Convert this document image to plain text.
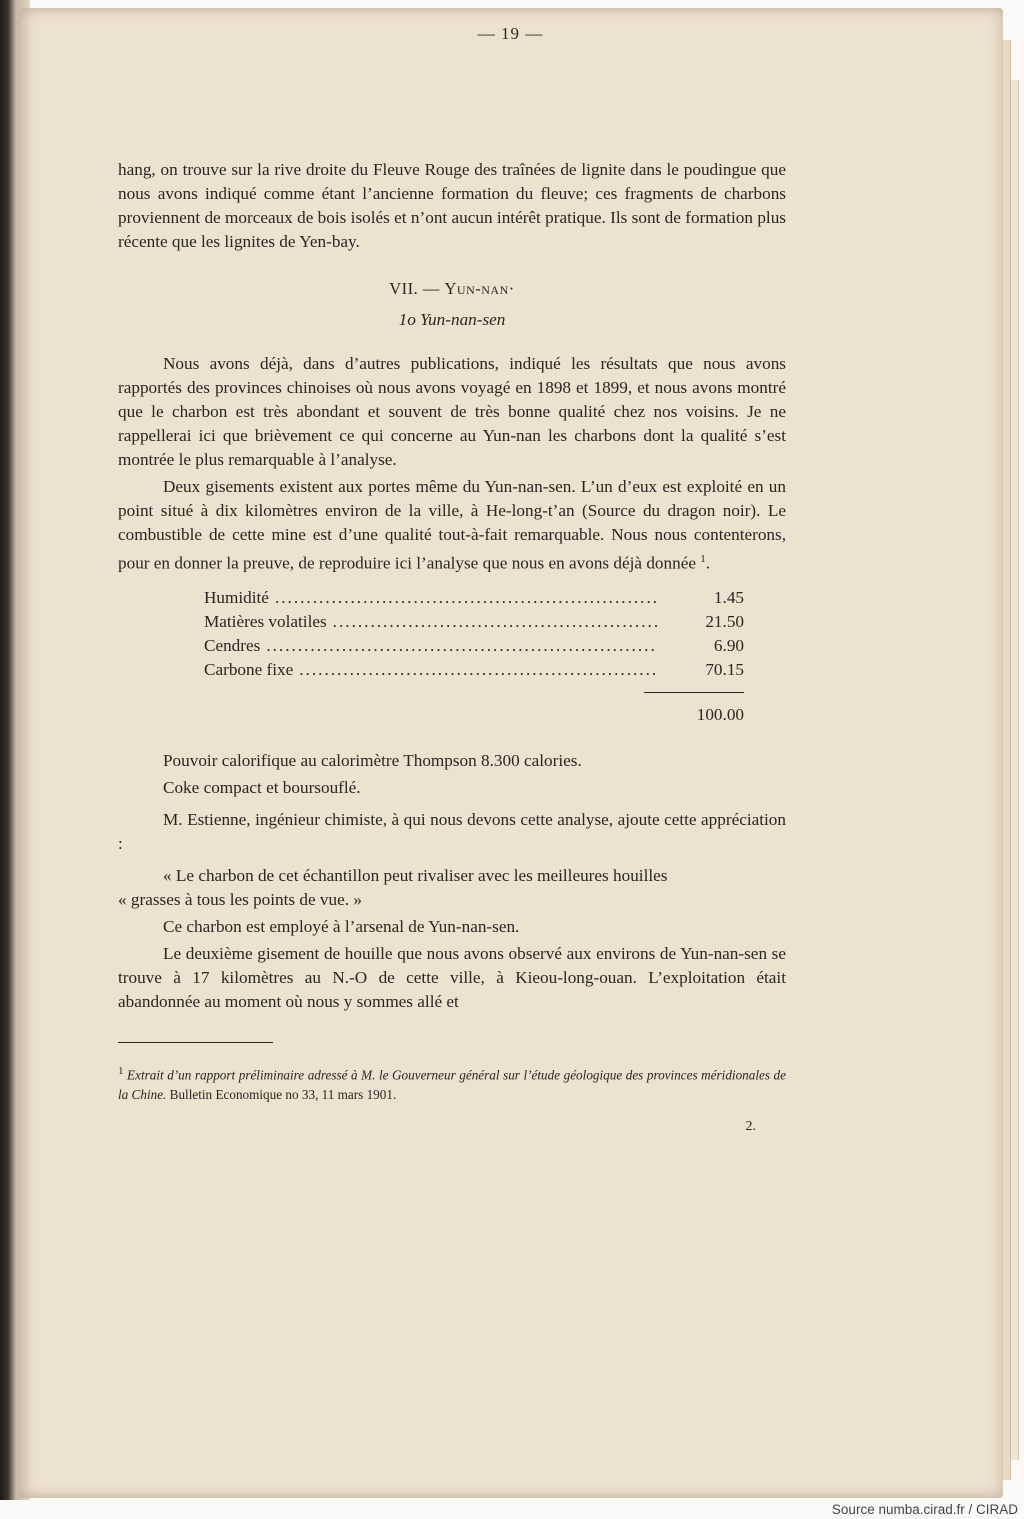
— 19 —

hang, on trouve sur la rive droite du Fleuve Rouge des traînées de lignite dans le poudingue que nous avons indiqué comme étant l’ancienne formation du fleuve; ces fragments de charbons proviennent de morceaux de bois isolés et n’ont aucun intérêt pratique. Ils sont de formation plus récente que les lignites de Yen-bay.

VII. — Yun-nan·
1o Yun-nan-sen

Nous avons déjà, dans d’autres publications, indiqué les résultats que nous avons rapportés des provinces chinoises où nous avons voyagé en 1898 et 1899, et nous avons montré que le charbon est très abondant et souvent de très bonne qualité chez nos voisins. Je ne rappellerai ici que brièvement ce qui concerne au Yun-nan les charbons dont la qualité s’est montrée le plus remarquable à l’analyse.

Deux gisements existent aux portes même du Yun-nan-sen. L’un d’eux est exploité en un point situé à dix kilomètres environ de la ville, à He-long-t’an (Source du dragon noir). Le combustible de cette mine est d’une qualité tout-à-fait remarquable. Nous nous contenterons, pour en donner la preuve, de reproduire ici l’analyse que nous en avons déjà donnée $^1$.

Humidité .....	1.45
Matières volatiles .....	21.50
Cendres .....	6.90
Carbone fixe .....	70.15
100.00

Pouvoir calorifique au calorimètre Thompson 8.300 calories.

Coke compact et boursouflé.

M. Estienne, ingénieur chimiste, à qui nous devons cette analyse, ajoute cette appréciation :

« Le charbon de cet échantillon peut rivaliser avec les meilleures houilles

« grasses à tous les points de vue. »

Ce charbon est employé à l’arsenal de Yun-nan-sen.

Le deuxième gisement de houille que nous avons observé aux environs de Yun-nan-sen se trouve à 17 kilomètres au N.-O de cette ville, à Kieou-long-ouan. L’exploitation était abandonnée au moment où nous y sommes allé et

$^1$ Extrait d’un rapport préliminaire adressé à M. le Gouverneur général sur l’étude géologique des provinces méridionales de la Chine. Bulletin Economique no 33, 11 mars 1901.
2.
Source numba.cirad.fr / CIRAD
